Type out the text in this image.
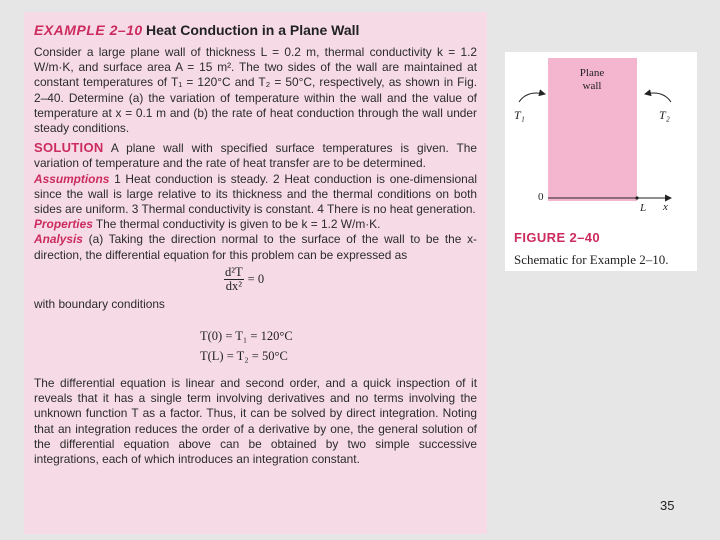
EXAMPLE 2–10 Heat Conduction in a Plane Wall

Consider a large plane wall of thickness L = 0.2 m, thermal conductivity k = 1.2 W/m·K, and surface area A = 15 m². The two sides of the wall are maintained at constant temperatures of T₁ = 120°C and T₂ = 50°C, respectively, as shown in Fig. 2–40. Determine (a) the variation of temperature within the wall and the value of temperature at x = 0.1 m and (b) the rate of heat conduction through the wall under steady conditions.

SOLUTION A plane wall with specified surface temperatures is given. The variation of temperature and the rate of heat transfer are to be determined.

Assumptions 1 Heat conduction is steady. 2 Heat conduction is one-dimensional since the wall is large relative to its thickness and the thermal conditions on both sides are uniform. 3 Thermal conductivity is constant. 4 There is no heat generation.

Properties The thermal conductivity is given to be k = 1.2 W/m·K.

Analysis (a) Taking the direction normal to the surface of the wall to be the x-direction, the differential equation for this problem can be expressed as

$\frac{\text{d²T}}{\text{dx²}} = 0$

with boundary conditions

T(0) = T₁ = 120°C
T(L) = T₂ = 50°C

The differential equation is linear and second order, and a quick inspection of it reveals that it has a single term involving derivatives and no terms involving the unknown function T as a factor. Thus, it can be solved by direct integration. Noting that an integration reduces the order of a derivative by one, the general solution of the differential equation above can be obtained by two simple successive integrations, each of which introduces an integration constant.

Plane
wall
T₁	T₂
0
L x
FIGURE 2–40
Schematic for Example 2–10.
35
